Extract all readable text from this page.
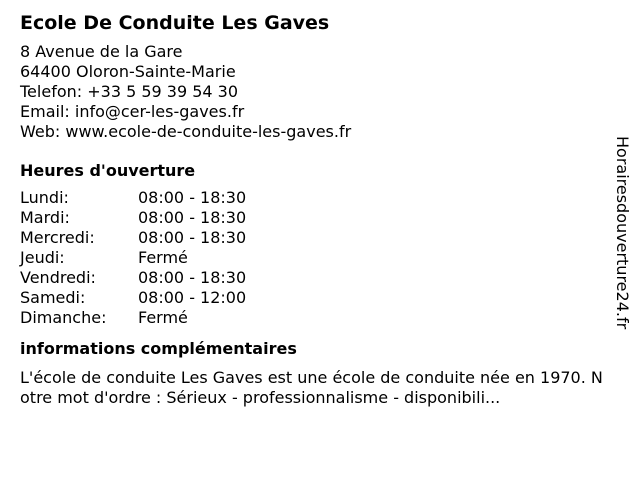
Ecole De Conduite Les Gaves
8 Avenue de la Gare
64400 Oloron-Sainte-Marie
Telefon: +33 5 59 39 54 30
Email: info@cer-les-gaves.fr
Web: www.ecole-de-conduite-les-gaves.fr
Heures d'ouverture
Lundi:	08:00 - 18:30
Mardi:	08:00 - 18:30
Mercredi:	08:00 - 18:30
Jeudi:	Fermé
Vendredi:	08:00 - 18:30
Samedi:	08:00 - 12:00
Dimanche:	Fermé
informations complémentaires
L'école de conduite Les Gaves est une école de conduite née en 1970. Notre mot d'ordre : Sérieux - professionnalisme - disponibili...
Horairesdouverture24.fr
